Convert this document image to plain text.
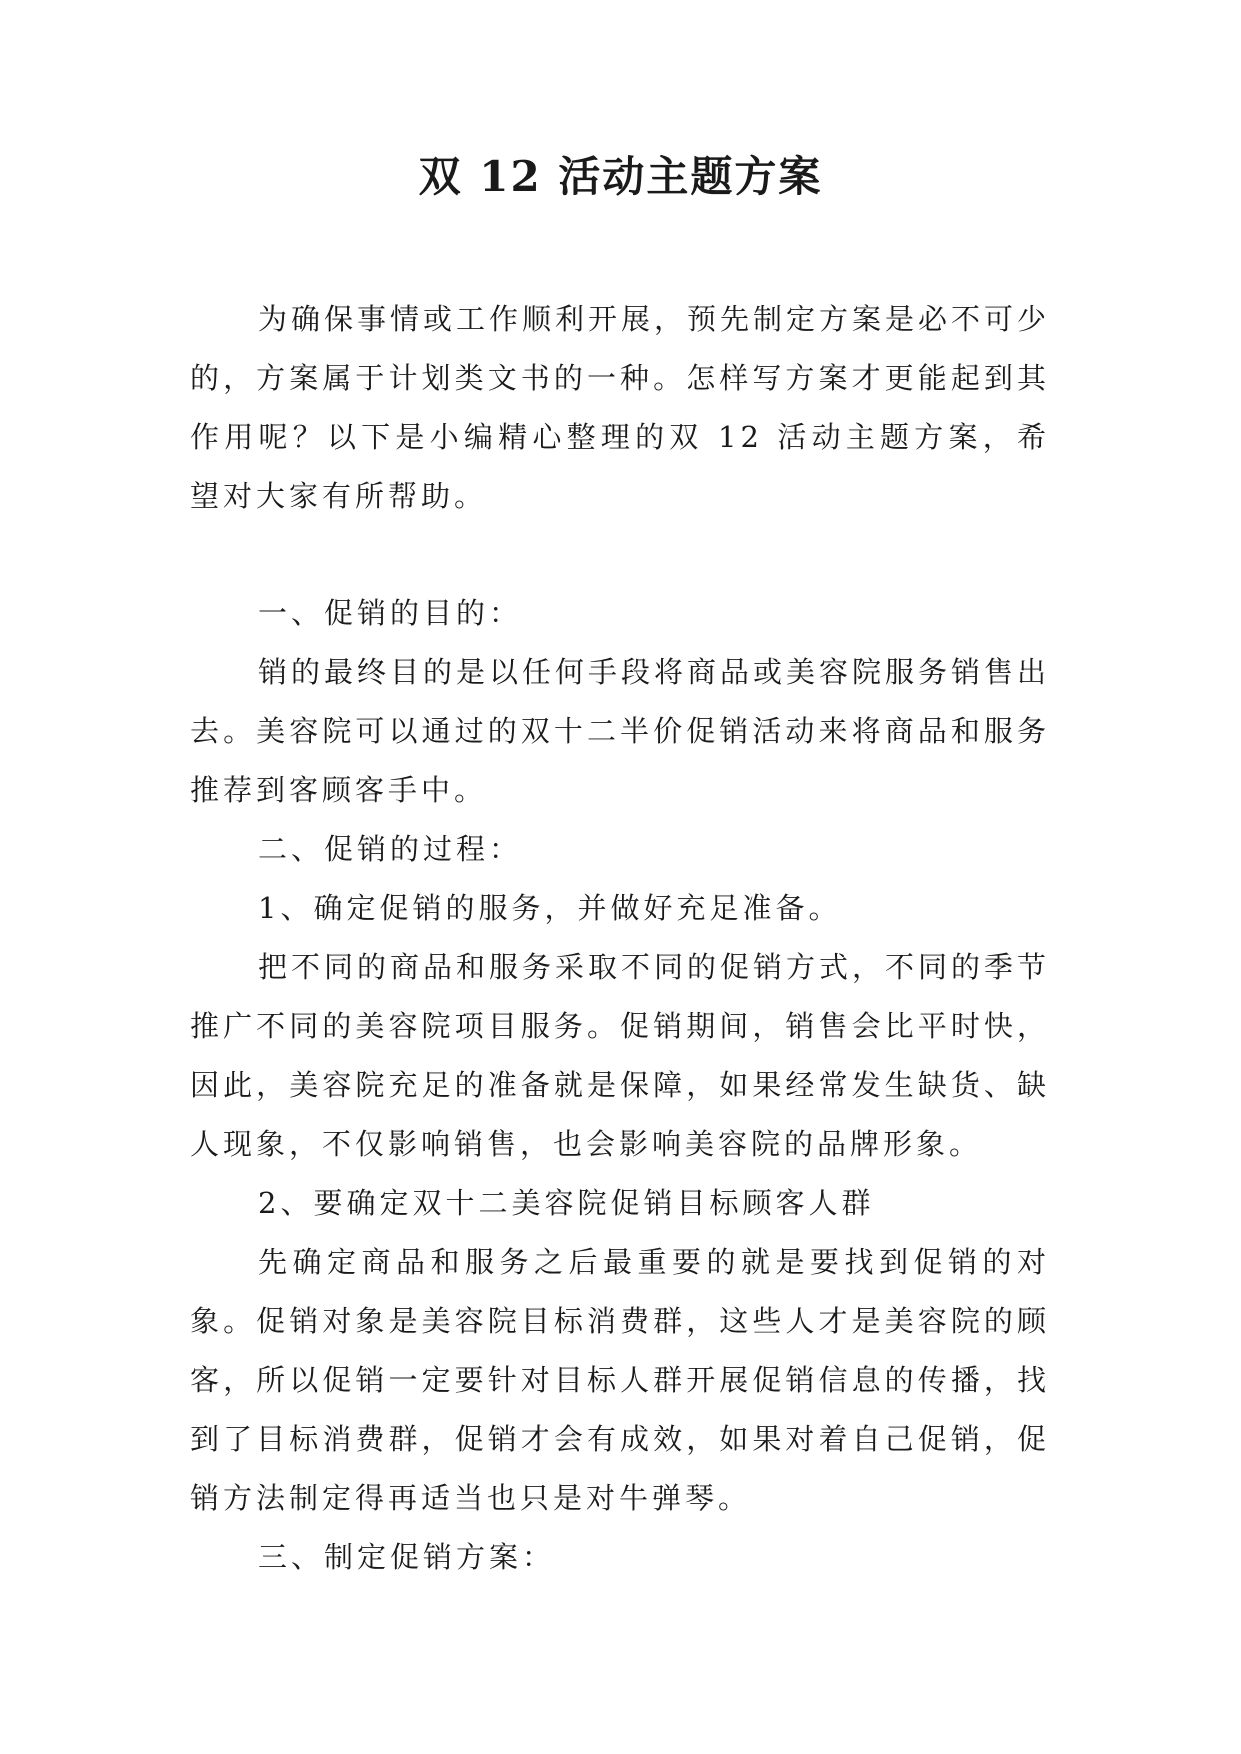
双 12 活动主题方案

为确保事情或工作顺利开展，预先制定方案是必不可少的，方案属于计划类文书的一种。怎样写方案才更能起到其作用呢？以下是小编精心整理的双 12 活动主题方案，希望对大家有所帮助。

一、促销的目的：

销的最终目的是以任何手段将商品或美容院服务销售出去。美容院可以通过的双十二半价促销活动来将商品和服务推荐到客顾客手中。

二、促销的过程：

1、确定促销的服务，并做好充足准备。

把不同的商品和服务采取不同的促销方式，不同的季节推广不同的美容院项目服务。促销期间，销售会比平时快，因此，美容院充足的准备就是保障，如果经常发生缺货、缺人现象，不仅影响销售，也会影响美容院的品牌形象。

2、要确定双十二美容院促销目标顾客人群

先确定商品和服务之后最重要的就是要找到促销的对象。促销对象是美容院目标消费群，这些人才是美容院的顾客，所以促销一定要针对目标人群开展促销信息的传播，找到了目标消费群，促销才会有成效，如果对着自己促销，促销方法制定得再适当也只是对牛弹琴。

三、制定促销方案：
